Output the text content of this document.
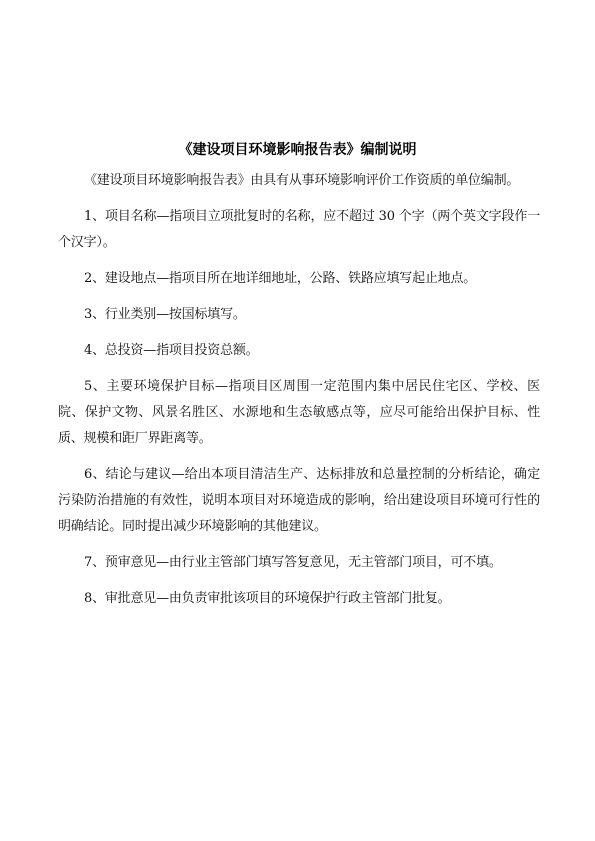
《建设项目环境影响报告表》编制说明

《建设项目环境影响报告表》由具有从事环境影响评价工作资质的单位编制。

1、项目名称—指项目立项批复时的名称，应不超过 30 个字（两个英文字段作一个汉字）。

2、建设地点—指项目所在地详细地址，公路、铁路应填写起止地点。

3、行业类别—按国标填写。

4、总投资—指项目投资总额。

5、主要环境保护目标—指项目区周围一定范围内集中居民住宅区、学校、医院、保护文物、风景名胜区、水源地和生态敏感点等，应尽可能给出保护目标、性质、规模和距厂界距离等。

6、结论与建议—给出本项目清洁生产、达标排放和总量控制的分析结论，确定污染防治措施的有效性，说明本项目对环境造成的影响，给出建设项目环境可行性的明确结论。同时提出减少环境影响的其他建议。

7、预审意见—由行业主管部门填写答复意见，无主管部门项目，可不填。

8、审批意见—由负责审批该项目的环境保护行政主管部门批复。
